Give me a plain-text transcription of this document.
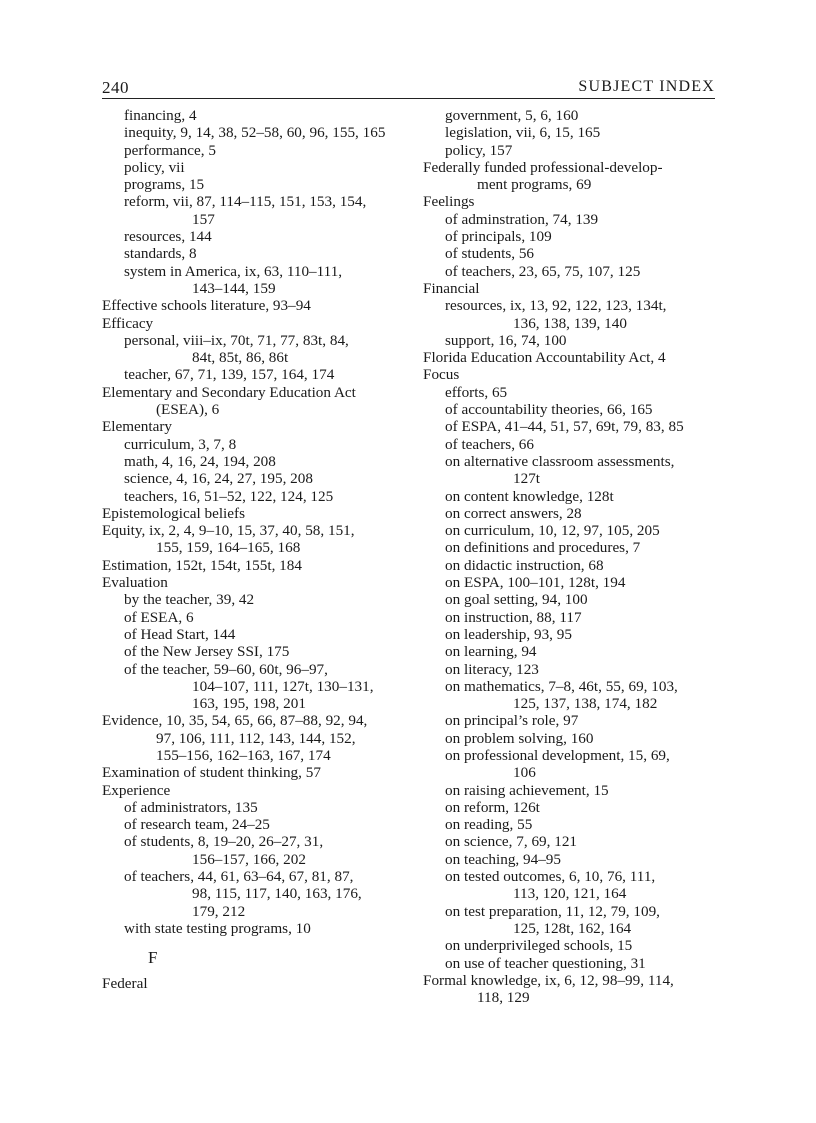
240	SUBJECT INDEX
financing, 4
inequity, 9, 14, 38, 52–58, 60, 96, 155, 165
performance, 5
policy, vii
programs, 15
reform, vii, 87, 114–115, 151, 153, 154,
157
resources, 144
standards, 8
system in America, ix, 63, 110–111,
143–144, 159
Effective schools literature, 93–94
Efficacy
personal, viii–ix, 70t, 71, 77, 83t, 84,
84t, 85t, 86, 86t
teacher, 67, 71, 139, 157, 164, 174
Elementary and Secondary Education Act
(ESEA), 6
Elementary
curriculum, 3, 7, 8
math, 4, 16, 24, 194, 208
science, 4, 16, 24, 27, 195, 208
teachers, 16, 51–52, 122, 124, 125
Epistemological beliefs
Equity, ix, 2, 4, 9–10, 15, 37, 40, 58, 151,
155, 159, 164–165, 168
Estimation, 152t, 154t, 155t, 184
Evaluation
by the teacher, 39, 42
of ESEA, 6
of Head Start, 144
of the New Jersey SSI, 175
of the teacher, 59–60, 60t, 96–97,
104–107, 111, 127t, 130–131,
163, 195, 198, 201
Evidence, 10, 35, 54, 65, 66, 87–88, 92, 94,
97, 106, 111, 112, 143, 144, 152,
155–156, 162–163, 167, 174
Examination of student thinking, 57
Experience
of administrators, 135
of research team, 24–25
of students, 8, 19–20, 26–27, 31,
156–157, 166, 202
of teachers, 44, 61, 63–64, 67, 81, 87,
98, 115, 117, 140, 163, 176,
179, 212
with state testing programs, 10
F
Federal
government, 5, 6, 160
legislation, vii, 6, 15, 165
policy, 157
Federally funded professional-develop-
ment programs, 69
Feelings
of adminstration, 74, 139
of principals, 109
of students, 56
of teachers, 23, 65, 75, 107, 125
Financial
resources, ix, 13, 92, 122, 123, 134t,
136, 138, 139, 140
support, 16, 74, 100
Florida Education Accountability Act, 4
Focus
efforts, 65
of accountability theories, 66, 165
of ESPA, 41–44, 51, 57, 69t, 79, 83, 85
of teachers, 66
on alternative classroom assessments,
127t
on content knowledge, 128t
on correct answers, 28
on curriculum, 10, 12, 97, 105, 205
on definitions and procedures, 7
on didactic instruction, 68
on ESPA, 100–101, 128t, 194
on goal setting, 94, 100
on instruction, 88, 117
on leadership, 93, 95
on learning, 94
on literacy, 123
on mathematics, 7–8, 46t, 55, 69, 103,
125, 137, 138, 174, 182
on principal’s role, 97
on problem solving, 160
on professional development, 15, 69,
106
on raising achievement, 15
on reform, 126t
on reading, 55
on science, 7, 69, 121
on teaching, 94–95
on tested outcomes, 6, 10, 76, 111,
113, 120, 121, 164
on test preparation, 11, 12, 79, 109,
125, 128t, 162, 164
on underprivileged schools, 15
on use of teacher questioning, 31
Formal knowledge, ix, 6, 12, 98–99, 114,
118, 129
